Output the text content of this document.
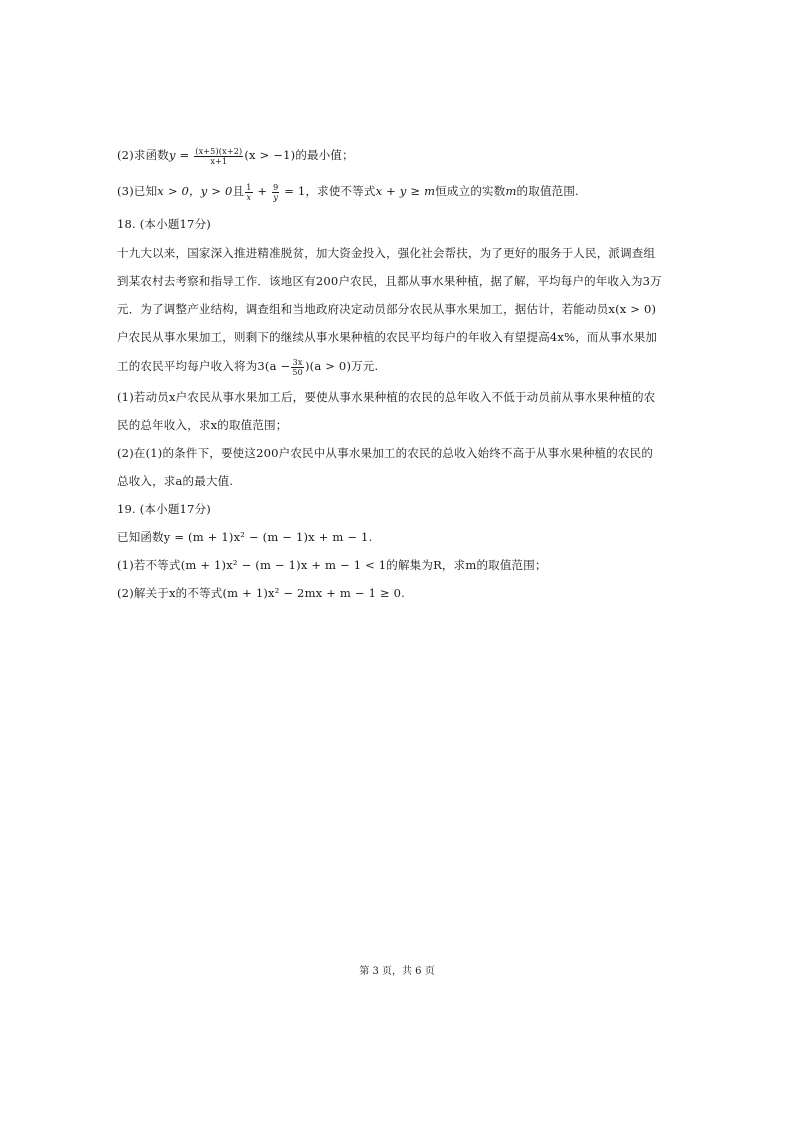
(2)求函数$y = \frac{(x+5)(x+2)}{x+1} (x > -1)$的最小值；
(3)已知x > 0，y > 0且 $\frac{1}{x} + \frac{9}{y} = 1$，求使不等式x + y ≥ m恒成立的实数m的取值范围.
18. (本小题17分)
十九大以来，国家深入推进精准脱贫，加大资金投入，强化社会帮扶，为了更好的服务于人民，派调查组
到某农村去考察和指导工作．该地区有200户农民，且都从事水果种植，据了解，平均每户的年收入为3万
元．为了调整产业结构，调查组和当地政府决定动员部分农民从事水果加工，据估计，若能动员x(x > 0)
户农民从事水果加工，则剩下的继续从事水果种植的农民平均每户的年收入有望提高4x%，而从事水果加
工的农民平均每户收入将为$3(a - \frac{3x}{50} )(a > 0)$万元.
(1)若动员x户农民从事水果加工后，要使从事水果种植的农民的总年收入不低于动员前从事水果种植的农
民的总年收入，求x的取值范围；
(2)在(1)的条件下，要使这200户农民中从事水果加工的农民的总收入始终不高于从事水果种植的农民的
总收入，求a的最大值.
19. (本小题17分)
已知函数y = (m + 1)x² − (m − 1)x + m − 1.
(1)若不等式(m + 1)x² − (m − 1)x + m − 1 < 1的解集为R，求m的取值范围；
(2)解关于x的不等式(m + 1)x² − 2mx + m − 1 ≥ 0.
第 3 页，共 6 页
